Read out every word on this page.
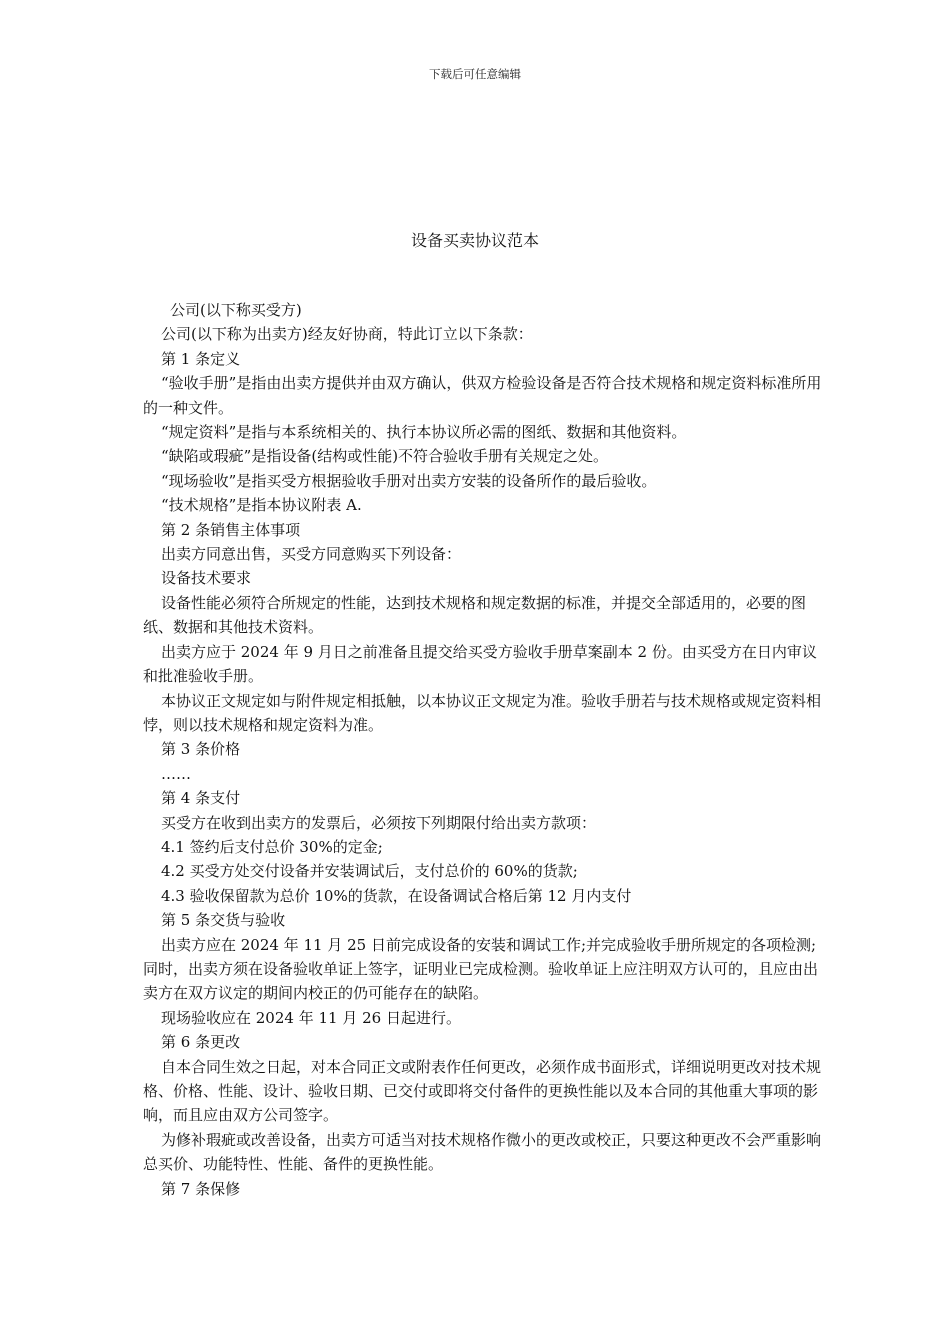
下载后可任意编辑
设备买卖协议范本

公司(以下称买受方)

公司(以下称为出卖方)经友好协商，特此订立以下条款：

第 1 条定义

“验收手册”是指由出卖方提供并由双方确认，供双方检验设备是否符合技术规格和规定资料标准所用的一种文件。

“规定资料”是指与本系统相关的、执行本协议所必需的图纸、数据和其他资料。

“缺陷或瑕疵”是指设备(结构或性能)不符合验收手册有关规定之处。

“现场验收”是指买受方根据验收手册对出卖方安装的设备所作的最后验收。

“技术规格”是指本协议附表 A.

第 2 条销售主体事项

出卖方同意出售，买受方同意购买下列设备：

设备技术要求

设备性能必须符合所规定的性能，达到技术规格和规定数据的标准，并提交全部适用的，必要的图纸、数据和其他技术资料。

出卖方应于 2024 年 9 月日之前准备且提交给买受方验收手册草案副本 2 份。由买受方在日内审议和批准验收手册。

本协议正文规定如与附件规定相抵触，以本协议正文规定为准。验收手册若与技术规格或规定资料相悖，则以技术规格和规定资料为准。

第 3 条价格

……

第 4 条支付

买受方在收到出卖方的发票后，必须按下列期限付给出卖方款项：

4.1 签约后支付总价 30%的定金;

4.2 买受方处交付设备并安装调试后，支付总价的 60%的货款;

4.3 验收保留款为总价 10%的货款，在设备调试合格后第 12 月内支付

第 5 条交货与验收

出卖方应在 2024 年 11 月 25 日前完成设备的安装和调试工作;并完成验收手册所规定的各项检测;同时，出卖方须在设备验收单证上签字，证明业已完成检测。验收单证上应注明双方认可的，且应由出卖方在双方议定的期间内校正的仍可能存在的缺陷。

现场验收应在 2024 年 11 月 26 日起进行。

第 6 条更改

自本合同生效之日起，对本合同正文或附表作任何更改，必须作成书面形式，详细说明更改对技术规格、价格、性能、设计、验收日期、已交付或即将交付备件的更换性能以及本合同的其他重大事项的影响，而且应由双方公司签字。

为修补瑕疵或改善设备，出卖方可适当对技术规格作微小的更改或校正，只要这种更改不会严重影响总买价、功能特性、性能、备件的更换性能。

第 7 条保修
